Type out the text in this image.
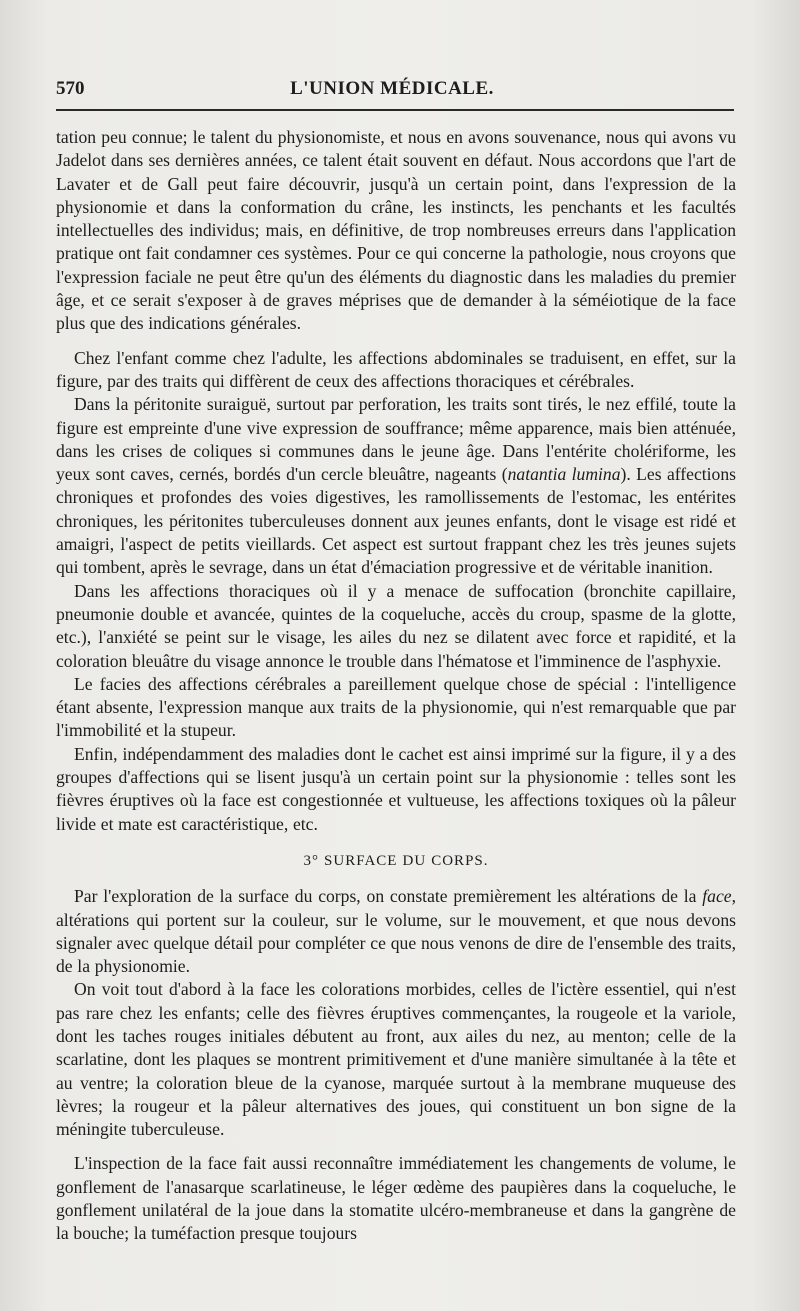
570	L'UNION MÉDICALE.

tation peu connue; le talent du physionomiste, et nous en avons souvenance, nous qui avons vu Jadelot dans ses dernières années, ce talent était souvent en défaut. Nous accordons que l'art de Lavater et de Gall peut faire découvrir, jusqu'à un certain point, dans l'expression de la physionomie et dans la conformation du crâne, les instincts, les penchants et les facultés intellectuelles des individus; mais, en définitive, de trop nombreuses erreurs dans l'application pratique ont fait condamner ces systèmes. Pour ce qui concerne la pathologie, nous croyons que l'expression faciale ne peut être qu'un des éléments du diagnostic dans les maladies du premier âge, et ce serait s'exposer à de graves méprises que de demander à la séméiotique de la face plus que des indications générales.

Chez l'enfant comme chez l'adulte, les affections abdominales se traduisent, en effet, sur la figure, par des traits qui diffèrent de ceux des affections thoraciques et cérébrales.

Dans la péritonite suraiguë, surtout par perforation, les traits sont tirés, le nez effilé, toute la figure est empreinte d'une vive expression de souffrance; même apparence, mais bien atténuée, dans les crises de coliques si communes dans le jeune âge. Dans l'entérite cholériforme, les yeux sont caves, cernés, bordés d'un cercle bleuâtre, nageants (natantia lumina). Les affections chroniques et profondes des voies digestives, les ramollissements de l'estomac, les entérites chroniques, les péritonites tuberculeuses donnent aux jeunes enfants, dont le visage est ridé et amaigri, l'aspect de petits vieillards. Cet aspect est surtout frappant chez les très jeunes sujets qui tombent, après le sevrage, dans un état d'émaciation progressive et de véritable inanition.

Dans les affections thoraciques où il y a menace de suffocation (bronchite capillaire, pneumonie double et avancée, quintes de la coqueluche, accès du croup, spasme de la glotte, etc.), l'anxiété se peint sur le visage, les ailes du nez se dilatent avec force et rapidité, et la coloration bleuâtre du visage annonce le trouble dans l'hématose et l'imminence de l'asphyxie.

Le facies des affections cérébrales a pareillement quelque chose de spécial : l'intelligence étant absente, l'expression manque aux traits de la physionomie, qui n'est remarquable que par l'immobilité et la stupeur.

Enfin, indépendamment des maladies dont le cachet est ainsi imprimé sur la figure, il y a des groupes d'affections qui se lisent jusqu'à un certain point sur la physionomie : telles sont les fièvres éruptives où la face est congestionnée et vultueuse, les affections toxiques où la pâleur livide et mate est caractéristique, etc.

3° SURFACE DU CORPS.

Par l'exploration de la surface du corps, on constate premièrement les altérations de la face, altérations qui portent sur la couleur, sur le volume, sur le mouvement, et que nous devons signaler avec quelque détail pour compléter ce que nous venons de dire de l'ensemble des traits, de la physionomie.

On voit tout d'abord à la face les colorations morbides, celles de l'ictère essentiel, qui n'est pas rare chez les enfants; celle des fièvres éruptives commençantes, la rougeole et la variole, dont les taches rouges initiales débutent au front, aux ailes du nez, au menton; celle de la scarlatine, dont les plaques se montrent primitivement et d'une manière simultanée à la tête et au ventre; la coloration bleue de la cyanose, marquée surtout à la membrane muqueuse des lèvres; la rougeur et la pâleur alternatives des joues, qui constituent un bon signe de la méningite tuberculeuse.

L'inspection de la face fait aussi reconnaître immédiatement les changements de volume, le gonflement de l'anasarque scarlatineuse, le léger œdème des paupières dans la coqueluche, le gonflement unilatéral de la joue dans la stomatite ulcéro-membraneuse et dans la gangrène de la bouche; la tuméfaction presque toujours
